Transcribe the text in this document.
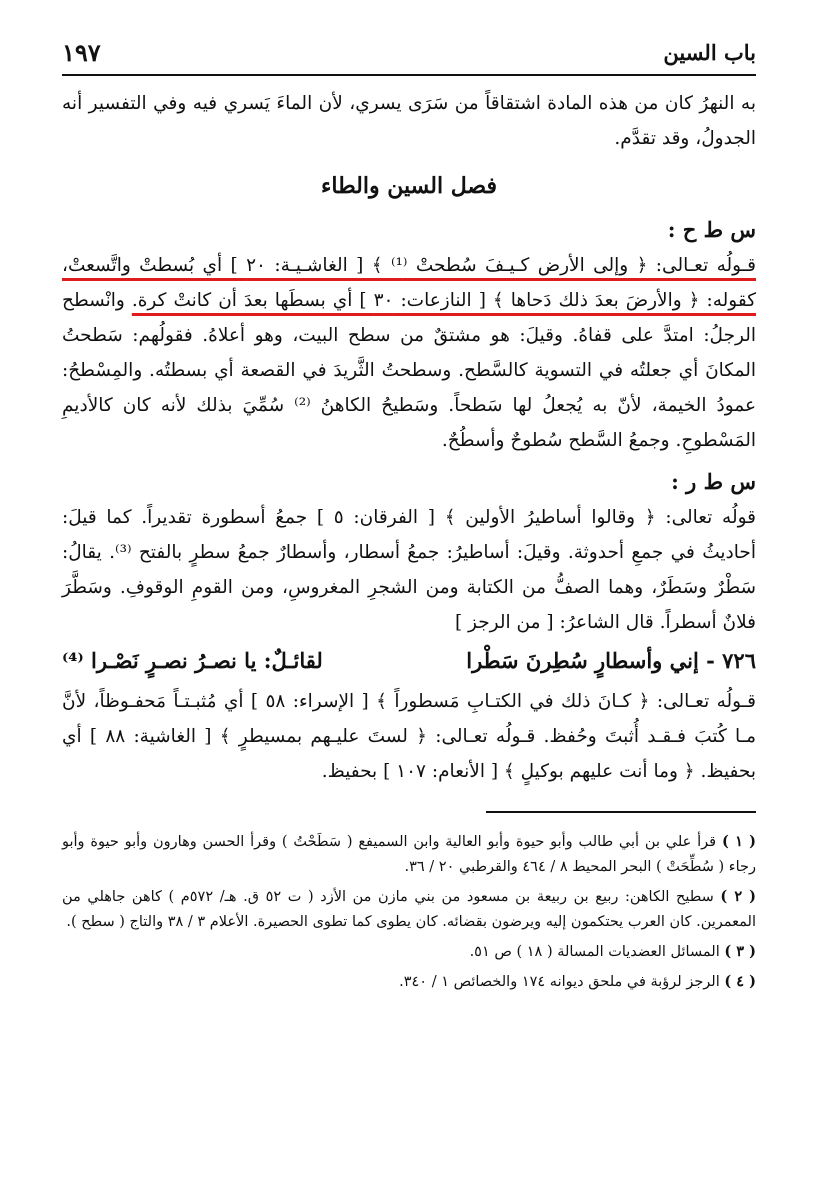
باب السين
١٩٧

به النهرُ كان من هذه المادة اشتقاقاً من سَرَى يسري، لأن الماءَ يَسري فيه وفي التفسير أنه الجدولُ، وقد تقدَّم.

فصل السين والطاء
س ط ح :

قـولُه تعـالى: ﴿ وإلى الأرض كـيـفَ سُطحتْ ⁽¹⁾ ﴾ [ الغاشـيـة: ٢٠ ] أي بُسطتْ واتَّسعتْ، كقوله: ﴿ والأرضَ بعدَ ذلك دَحاها ﴾ [ النازعات: ٣٠ ] أي بسطَها بعدَ أن كانتْ كرة. وانْسطح الرجلُ: امتدَّ على قفاهُ. وقيلَ: هو مشتقٌ من سطح البيت، وهو أعلاهُ. فقولُهم: سَطحتُ المكانَ أي جعلتُه في التسوية كالسَّطح. وسطحتُ الثَّريدَ في القصعة أي بسطتُه. والمِسْطحُ: عمودُ الخيمة، لأنّ به يُجعلُ لها سَطحاً. وسَطيحُ الكاهنُ ⁽²⁾ سُمِّيَ بذلك لأنه كان كالأديمِ المَسْطوحِ. وجمعُ السَّطح سُطوحٌ وأسطُحٌ.

س ط ر :

قولُه تعالى: ﴿ وقالوا أساطيرُ الأولين ﴾ [ الفرقان: ٥ ] جمعُ أسطورة تقديراً. كما قيلَ: أحاديثُ في جمعِ أحدوثة. وقيلَ: أساطيرُ: جمعُ أسطار، وأسطارٌ جمعُ سطرٍ بالفتح ⁽³⁾. يقالُ: سَطْرٌ وسَطَرٌ، وهما الصفُّ من الكتابة ومن الشجرِ المغروسِ، ومن القومِ الوقوفِ. وسَطَّرَ فلانٌ أسطراً. قال الشاعرُ: [ من الرجز ]

٧٢٦ - إني وأسطارٍ سُطِرنَ سَطْرا
لقائـلٌ: يا نصـرُ نصـرٍ نَصْـرا ⁽⁴⁾

قـولُه تعـالى: ﴿ كـانَ ذلك في الكتـابِ مَسطوراً ﴾ [ الإسراء: ٥٨ ] أي مُثبـتـاً مَحفـوظاً، لأنَّ مـا كُتبَ فـقـد أُثبتَ وحُفظ. قـولُه تعـالى: ﴿ لستَ عليـهم بمسيطرٍ ﴾ [ الغاشية: ٨٨ ] أي بحفيظ. ﴿ وما أنت عليهم بوكيلٍ ﴾ [ الأنعام: ١٠٧ ] بحفيظ.

( ١ ) قرأ علي بن أبي طالب وأبو حيوة وأبو العالية وابن السميفع ( سَطَحْتُ ) وقرأ الحسن وهارون وأبو حيوة وأبو رجاء ( سُطِّحَتْ ) البحر المحيط ٨ / ٤٦٤ والقرطبي ٢٠ / ٣٦.

( ٢ ) سطيح الكاهن: ربيع بن ربيعة بن مسعود من بني مازن من الأزد ( ت ٥٢ ق. هـ/ ٥٧٢م ) كاهن جاهلي من المعمرين. كان العرب يحتكمون إليه ويرضون بقضائه. كان يطوى كما تطوى الحصيرة. الأعلام ٣ / ٣٨ والتاج ( سطح ).

( ٣ ) المسائل العضديات المسالة ( ١٨ ) ص ٥١.

( ٤ ) الرجز لرؤبة في ملحق ديوانه ١٧٤ والخصائص ١ / ٣٤٠.
